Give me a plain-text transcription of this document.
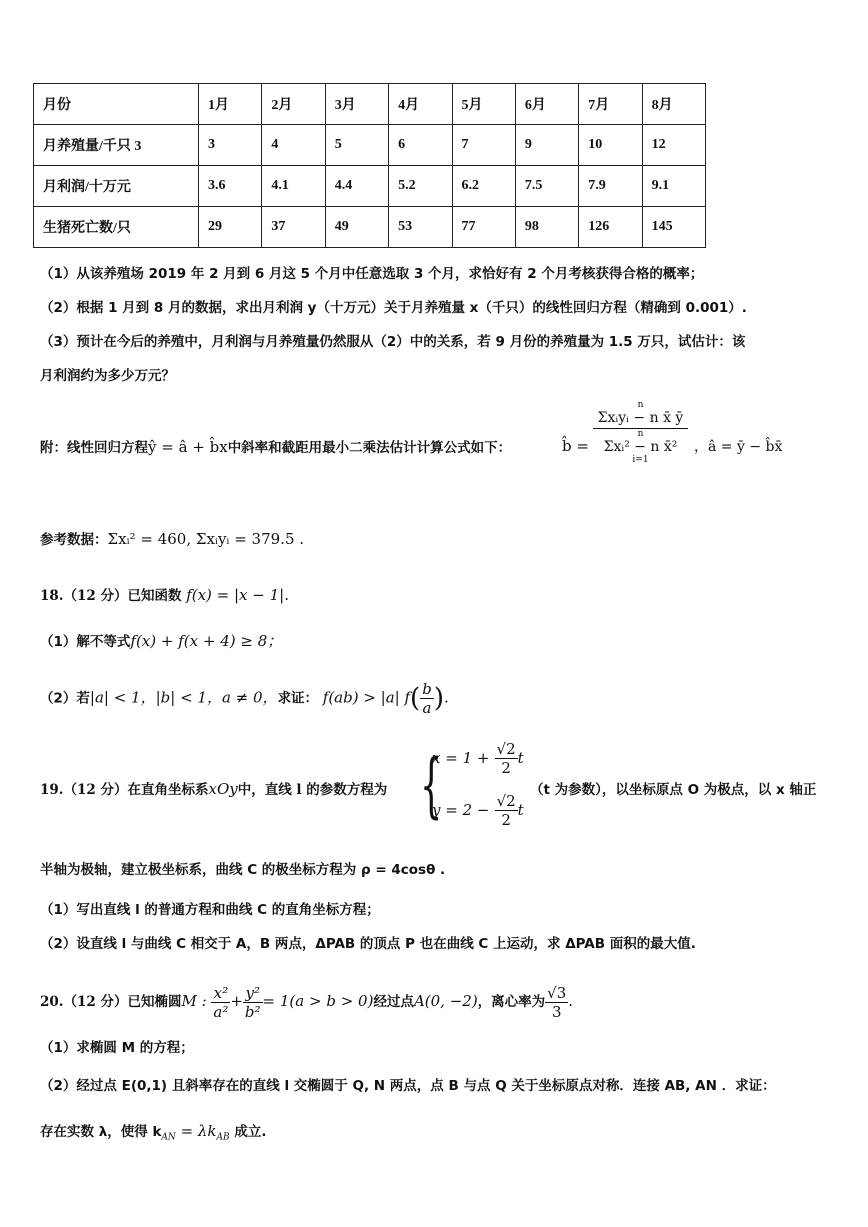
月份	1月	2月	3月	4月	5月	6月	7月	8月
月养殖量/千只 3	3	4	5	6	7	9	10	12
月利润/十万元	3.6	4.1	4.4	5.2	6.2	7.5	7.9	9.1
生猪死亡数/只	29	37	49	53	77	98	126	145
（1）从该养殖场 2019 年 2 月到 6 月这 5 个月中任意选取 3 个月，求恰好有 2 个月考核获得合格的概率；
（2）根据 1 月到 8 月的数据，求出月利润 y（十万元）关于月养殖量 x（千只）的线性回归方程（精确到 0.001）.
（3）预计在今后的养殖中，月利润与月养殖量仍然服从（2）中的关系，若 9 月份的养殖量为 1.5 万只，试估计：该
月利润约为多少万元？
附：线性回归方程ŷ = â + b̂x中斜率和截距用最小二乘法估计计算公式如下：	b̂ =
n
Σxᵢyᵢ − n x̄ ȳ
n
Σxᵢ² − n x̄²
i=1
，â = ȳ − b̂x̄
参考数据：Σxᵢ² = 460, Σxᵢyᵢ = 379.5 .
18.（12 分）已知函数 f(x) = |x − 1|.
（1）解不等式f(x) + f(x + 4) ≥ 8；
（2）若|a| < 1，|b| < 1，a ≠ 0，求证： f(ab) > |a| $f( \frac{b}{a}$ ).
19.（12 分）在直角坐标系xOy中，直线 l 的参数方程为 {
$x = 1 + \frac{√2}{2}$ t
$y = 2 - \frac{√2}{2}$ t
（t 为参数），以坐标原点 O 为极点，以 x 轴正
半轴为极轴，建立极坐标系，曲线 C 的极坐标方程为 ρ = 4cosθ .
（1）写出直线 l 的普通方程和曲线 C 的直角坐标方程；
（2）设直线 l 与曲线 C 相交于 A，B 两点，ΔPAB 的顶点 P 也在曲线 C 上运动，求 ΔPAB 面积的最大值.
20.（12 分）已知椭圆M : $\frac{\text{x²}}{\text{a²}} + \frac{\text{y²}}{\text{b²}} = 1(a > b > 0)$经过点A(0, −2)，离心率为 $\frac{√3}{3}$ .
（1）求椭圆 M 的方程；
（2）经过点 E(0,1) 且斜率存在的直线 l 交椭圆于 Q, N 两点，点 B 与点 Q 关于坐标原点对称．连接 AB, AN ．求证：
存在实数 λ，使得 $k_{AN} = \lambda k_{AB}$ 成立.
